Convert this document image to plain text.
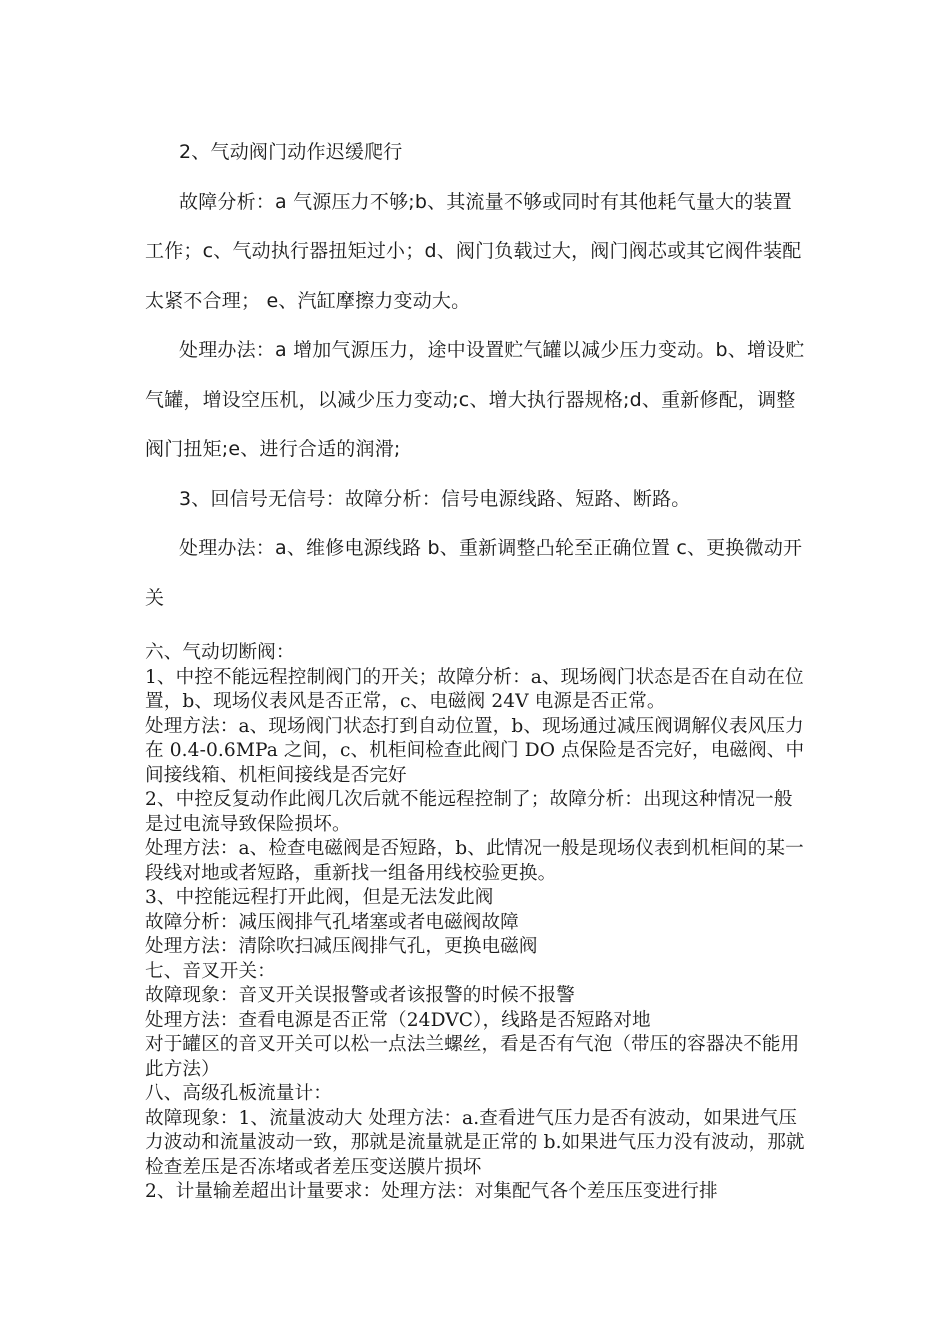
2、气动阀门动作迟缓爬行

故障分析：a 气源压力不够;b、其流量不够或同时有其他耗气量大的装置工作；c、气动执行器扭矩过小；d、阀门负载过大，阀门阀芯或其它阀件装配太紧不合理； e、汽缸摩擦力变动大。

处理办法：a 增加气源压力，途中设置贮气罐以减少压力变动。b、增设贮气罐，增设空压机，以减少压力变动;c、增大执行器规格;d、重新修配，调整阀门扭矩;e、进行合适的润滑;

3、回信号无信号：故障分析：信号电源线路、短路、断路。

处理办法：a、维修电源线路 b、重新调整凸轮至正确位置 c、更换微动开关

六、气动切断阀：

1、中控不能远程控制阀门的开关；故障分析：a、现场阀门状态是否在自动在位置，b、现场仪表风是否正常，c、电磁阀 24V 电源是否正常。

处理方法：a、现场阀门状态打到自动位置，b、现场通过减压阀调解仪表风压力在 0.4-0.6MPa 之间，c、机柜间检查此阀门 DO 点保险是否完好，电磁阀、中间接线箱、机柜间接线是否完好

2、中控反复动作此阀几次后就不能远程控制了；故障分析：出现这种情况一般是过电流导致保险损坏。

处理方法：a、检查电磁阀是否短路，b、此情况一般是现场仪表到机柜间的某一段线对地或者短路，重新找一组备用线校验更换。

3、中控能远程打开此阀，但是无法发此阀

故障分析：减压阀排气孔堵塞或者电磁阀故障

处理方法：清除吹扫减压阀排气孔，更换电磁阀

七、音叉开关：

故障现象：音叉开关误报警或者该报警的时候不报警

处理方法：查看电源是否正常（24DVC），线路是否短路对地

对于罐区的音叉开关可以松一点法兰螺丝，看是否有气泡（带压的容器决不能用此方法）

八、高级孔板流量计：

故障现象：1、流量波动大 处理方法：a.查看进气压力是否有波动，如果进气压力波动和流量波动一致，那就是流量就是正常的 b.如果进气压力没有波动，那就检查差压是否冻堵或者差压变送膜片损坏

2、计量输差超出计量要求：处理方法：对集配气各个差压压变进行排
